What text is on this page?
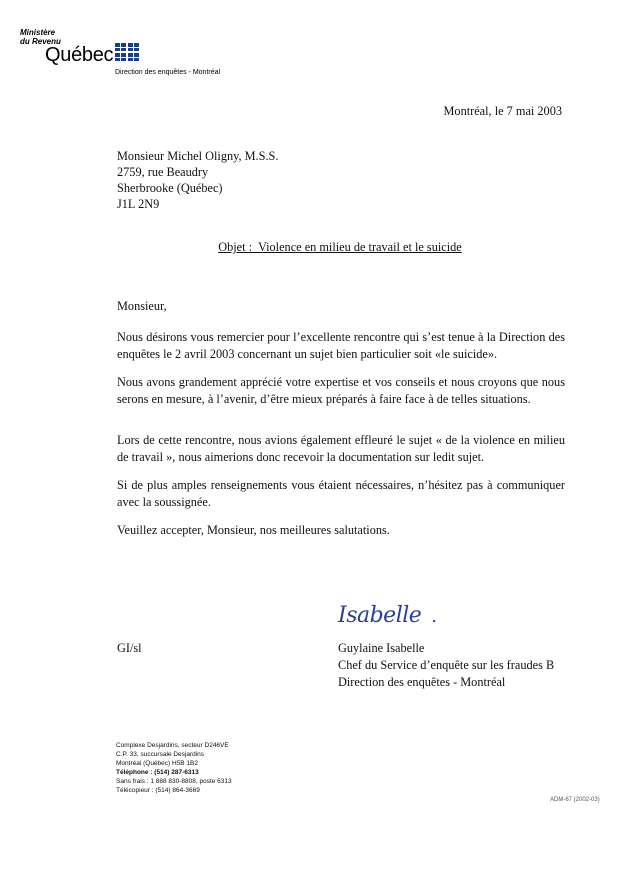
Ministère
du Revenu
Québec
Direction des enquêtes - Montréal
Montréal, le 7 mai 2003
Monsieur Michel Oligny, M.S.S.
2759, rue Beaudry
Sherbrooke (Québec)
J1L 2N9
Objet :  Violence en milieu de travail et le suicide
Monsieur,
Nous désirons vous remercier pour l’excellente rencontre qui s’est tenue à la Direction des enquêtes le 2 avril 2003 concernant un sujet bien particulier soit «le suicide».
Nous avons grandement apprécié votre expertise et vos conseils et nous croyons que nous serons en mesure, à l’avenir, d’être mieux préparés à faire face à de telles situations.
Lors de cette rencontre, nous avions également effleuré le sujet « de la violence en milieu de travail », nous aimerions donc recevoir la documentation sur ledit sujet.
Si de plus amples renseignements vous étaient nécessaires, n’hésitez pas à communiquer avec la soussignée.
Veuillez accepter, Monsieur, nos meilleures salutations.
Isabelle .
GI/sl	Guylaine Isabelle
Chef du Service d’enquête sur les fraudes B
Direction des enquêtes - Montréal
Complexe Desjardins, secteur D246VE
C.P. 33, succursale Desjardins
Montréal (Québec) H5B 1B2
Téléphone : (514) 287-6313
Sans frais : 1 888 830-8808, poste 6313
Télécopieur : (514) 864-3669
ADM-67 (2002-03)
